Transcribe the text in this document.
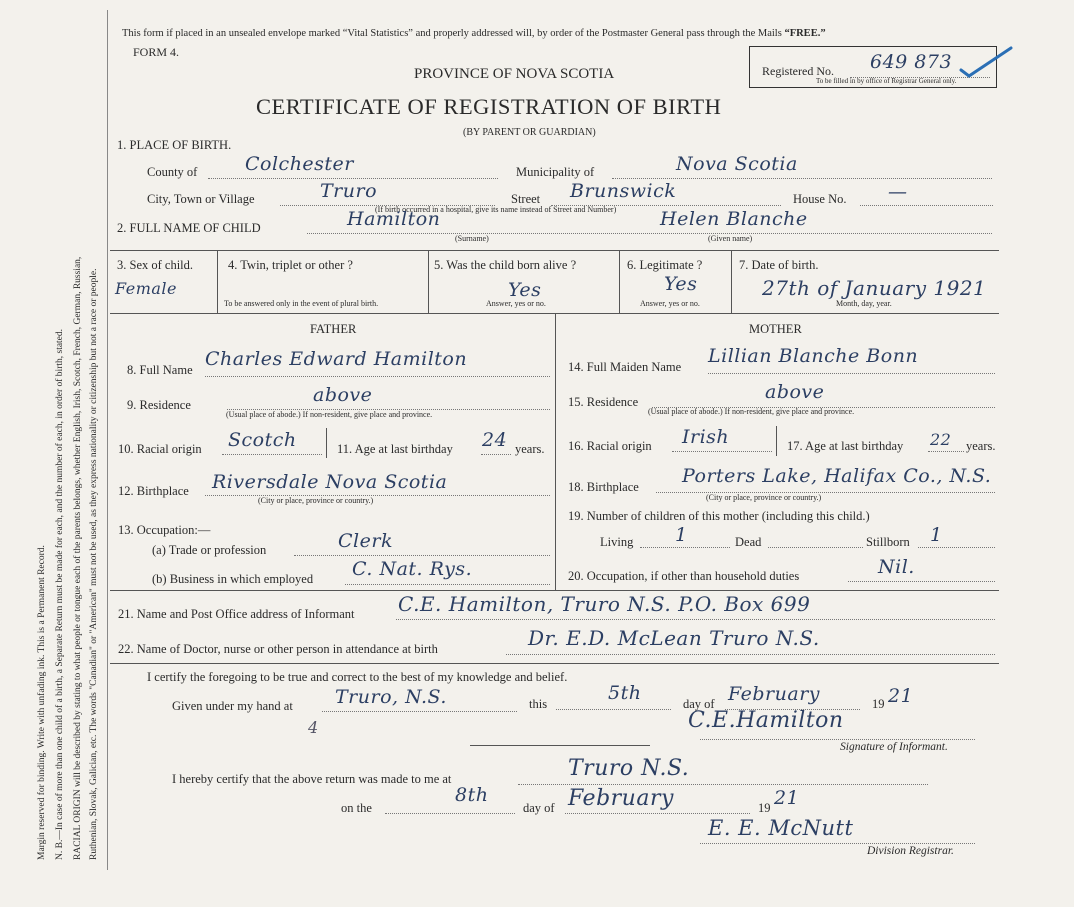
Margin reserved for binding. Write with unfading ink. This is a Permanent Record. N. B.—In case of more than one child of a birth, a Separate Return must be made for each, and the number of each, in order of birth, stated. RACIAL ORIGIN will be described by stating to what people or tongue each of the parents belongs, whether English, Irish, Scotch, French, German, Russian, Ruthenian, Slovak, Galician, etc. The words "Canadian" or "American" must not be used, as they express nationality or citizenship but not a race or people.
This form if placed in an unsealed envelope marked “Vital Statistics” and properly addressed will, by order of the Postmaster General pass through the Mails “FREE.”
FORM 4.
PROVINCE OF NOVA SCOTIA	Registered No. 649 873
To be filled in by office of Registrar General only.
CERTIFICATE OF REGISTRATION OF BIRTH
(BY PARENT OR GUARDIAN)
1. PLACE OF BIRTH.
County of	Colchester	Municipality of	Nova Scotia
City, Town or Village	Truro	Street Brunswick	House No. —
(If birth occurred in a hospital, give its name instead of Street and Number)
2. FULL NAME OF CHILD	Hamilton
(Surname)
Helen Blanche
(Given name)
3. Sex of child.
Female
4. Twin, triplet or other ?
To be answered only in the event of plural birth.
5. Was the child born alive ?
Yes
Answer, yes or no.
6. Legitimate ?
Yes
Answer, yes or no.
7. Date of birth.
27th of January 1921
Month, day, year.
FATHER	MOTHER
8. Full Name Charles Edward Hamilton
9. Residence	above
(Usual place of abode.) If non-resident, give place and province.
10. Racial origin Scotch	11. Age at last birthday 24 years.
12. Birthplace Riversdale Nova Scotia
(City or place, province or country.)
13. Occupation:—
(a) Trade or profession	Clerk
(b) Business in which employed C. Nat. Rys.
14. Full Maiden Name Lillian Blanche Bonn
15. Residence	above
(Usual place of abode.) If non-resident, give place and province.
16. Racial origin Irish	17. Age at last birthday 22 years.
18. Birthplace Porters Lake, Halifax Co., N.S.
(City or place, province or country.)
19. Number of children of this mother (including this child.)
Living 1	Dead	Stillborn 1
20. Occupation, if other than household duties	Nil.
21. Name and Post Office address of Informant C.E. Hamilton, Truro N.S. P.O. Box 699
22. Name of Doctor, nurse or other person in attendance at birth	Dr. E.D. McLean Truro N.S.
I certify the foregoing to be true and correct to the best of my knowledge and belief.
Given under my hand at Truro, N.S.	this	5th	day of February	19 21
4	C.E.Hamilton
Signature of Informant.
I hereby certify that the above return was made to me at	Truro N.S.
on the
8th
day of February	19 21
E. E. McNutt
Division Registrar.
